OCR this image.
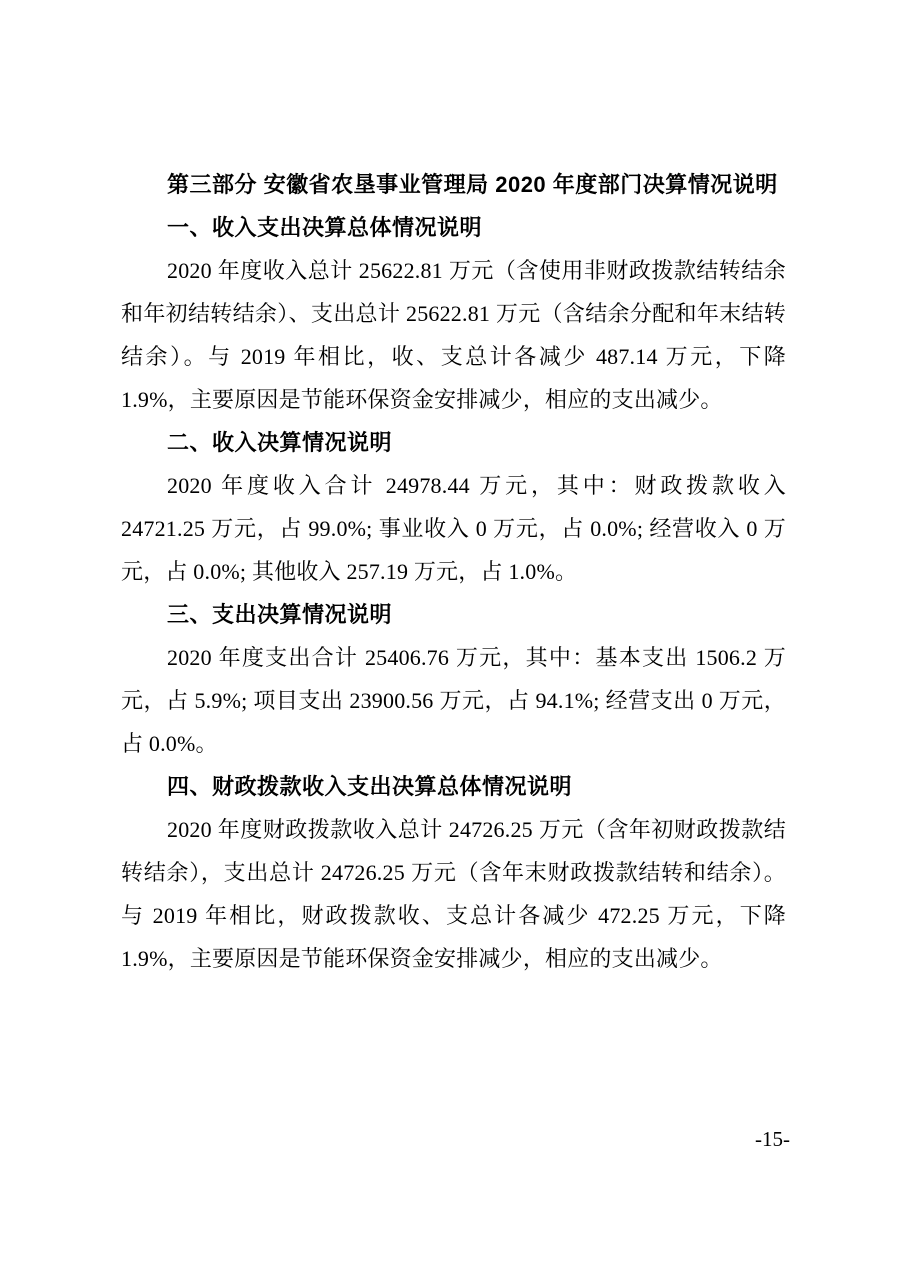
第三部分 安徽省农垦事业管理局 2020 年度部门决算情况说明
一、收入支出决算总体情况说明
2020 年度收入总计 25622.81 万元（含使用非财政拨款结转结余和年初结转结余）、支出总计 25622.81 万元（含结余分配和年末结转结余）。与 2019 年相比，收、支总计各减少 487.14 万元，下降 1.9%，主要原因是节能环保资金安排减少，相应的支出减少。
二、收入决算情况说明
2020 年度收入合计 24978.44 万元，其中：财政拨款收入 24721.25 万元，占 99.0%; 事业收入 0 万元，占 0.0%; 经营收入 0 万元，占 0.0%; 其他收入 257.19 万元，占 1.0%。
三、支出决算情况说明
2020 年度支出合计 25406.76 万元，其中：基本支出 1506.2 万元，占 5.9%; 项目支出 23900.56 万元，占 94.1%; 经营支出 0 万元，占 0.0%。
四、财政拨款收入支出决算总体情况说明
2020 年度财政拨款收入总计 24726.25 万元（含年初财政拨款结转结余），支出总计 24726.25 万元（含年末财政拨款结转和结余）。与 2019 年相比，财政拨款收、支总计各减少 472.25 万元，下降 1.9%，主要原因是节能环保资金安排减少，相应的支出减少。
-15-
